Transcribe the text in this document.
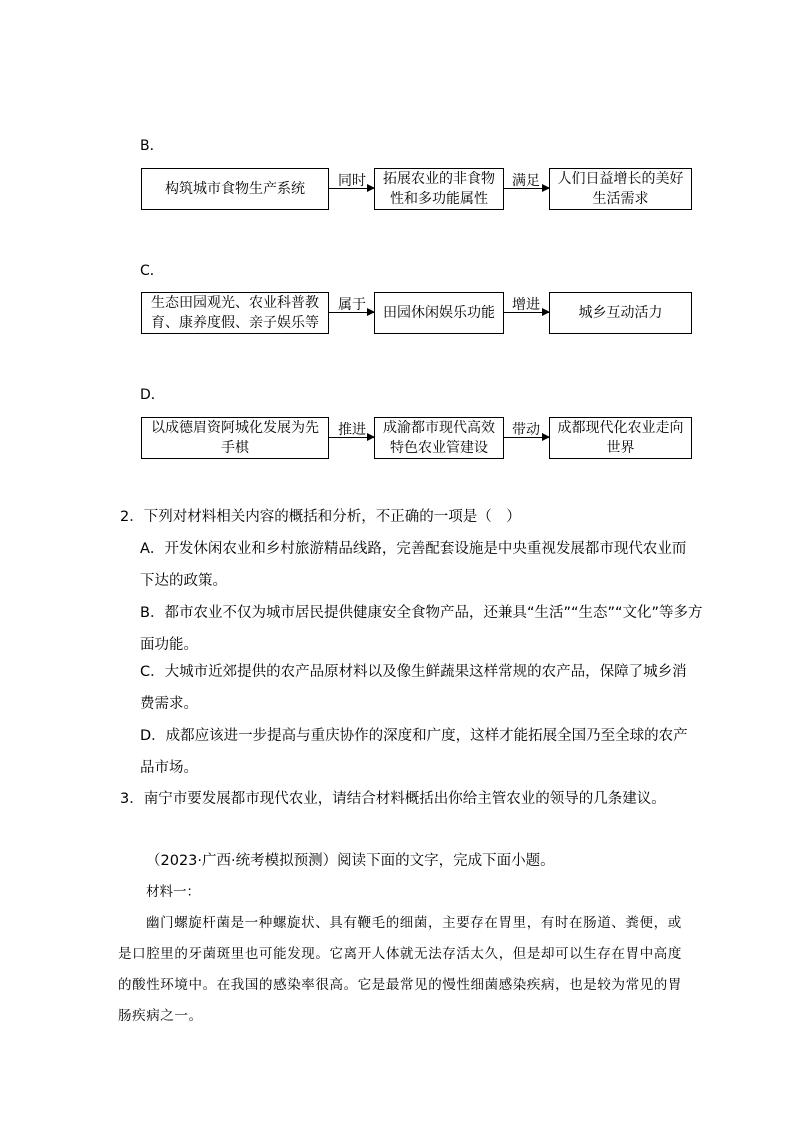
B．
构筑城市食物生产系统	同时	拓展农业的非食物性和多功能属性
满足	人们日益增长的美好生活需求
C．
生态田园观光、农业科普教育、康养度假、亲子娱乐等
属于	田园休闲娱乐功能	增进	城乡互动活力
D．
以成德眉资阿城化发展为先手棋
推进	成渝都市现代高效特色农业管建设
带动	成都现代化农业走向世界
2．下列对材料相关内容的概括和分析，不正确的一项是（　）
A．开发休闲农业和乡村旅游精品线路，完善配套设施是中央重视发展都市现代农业而
下达的政策。
B．都市农业不仅为城市居民提供健康安全食物产品，还兼具“生活”“生态”“文化”等多方
面功能。
C．大城市近郊提供的农产品原材料以及像生鲜蔬果这样常规的农产品，保障了城乡消
费需求。
D．成都应该进一步提高与重庆协作的深度和广度，这样才能拓展全国乃至全球的农产
品市场。
3．南宁市要发展都市现代农业，请结合材料概括出你给主管农业的领导的几条建议。
（2023·广西·统考模拟预测）阅读下面的文字，完成下面小题。
材料一：
幽门螺旋杆菌是一种螺旋状、具有鞭毛的细菌，主要存在胃里，有时在肠道、粪便，或
是口腔里的牙菌斑里也可能发现。它离开人体就无法存活太久，但是却可以生存在胃中高度
的酸性环境中。在我国的感染率很高。它是最常见的慢性细菌感染疾病，也是较为常见的胃
肠疾病之一。
